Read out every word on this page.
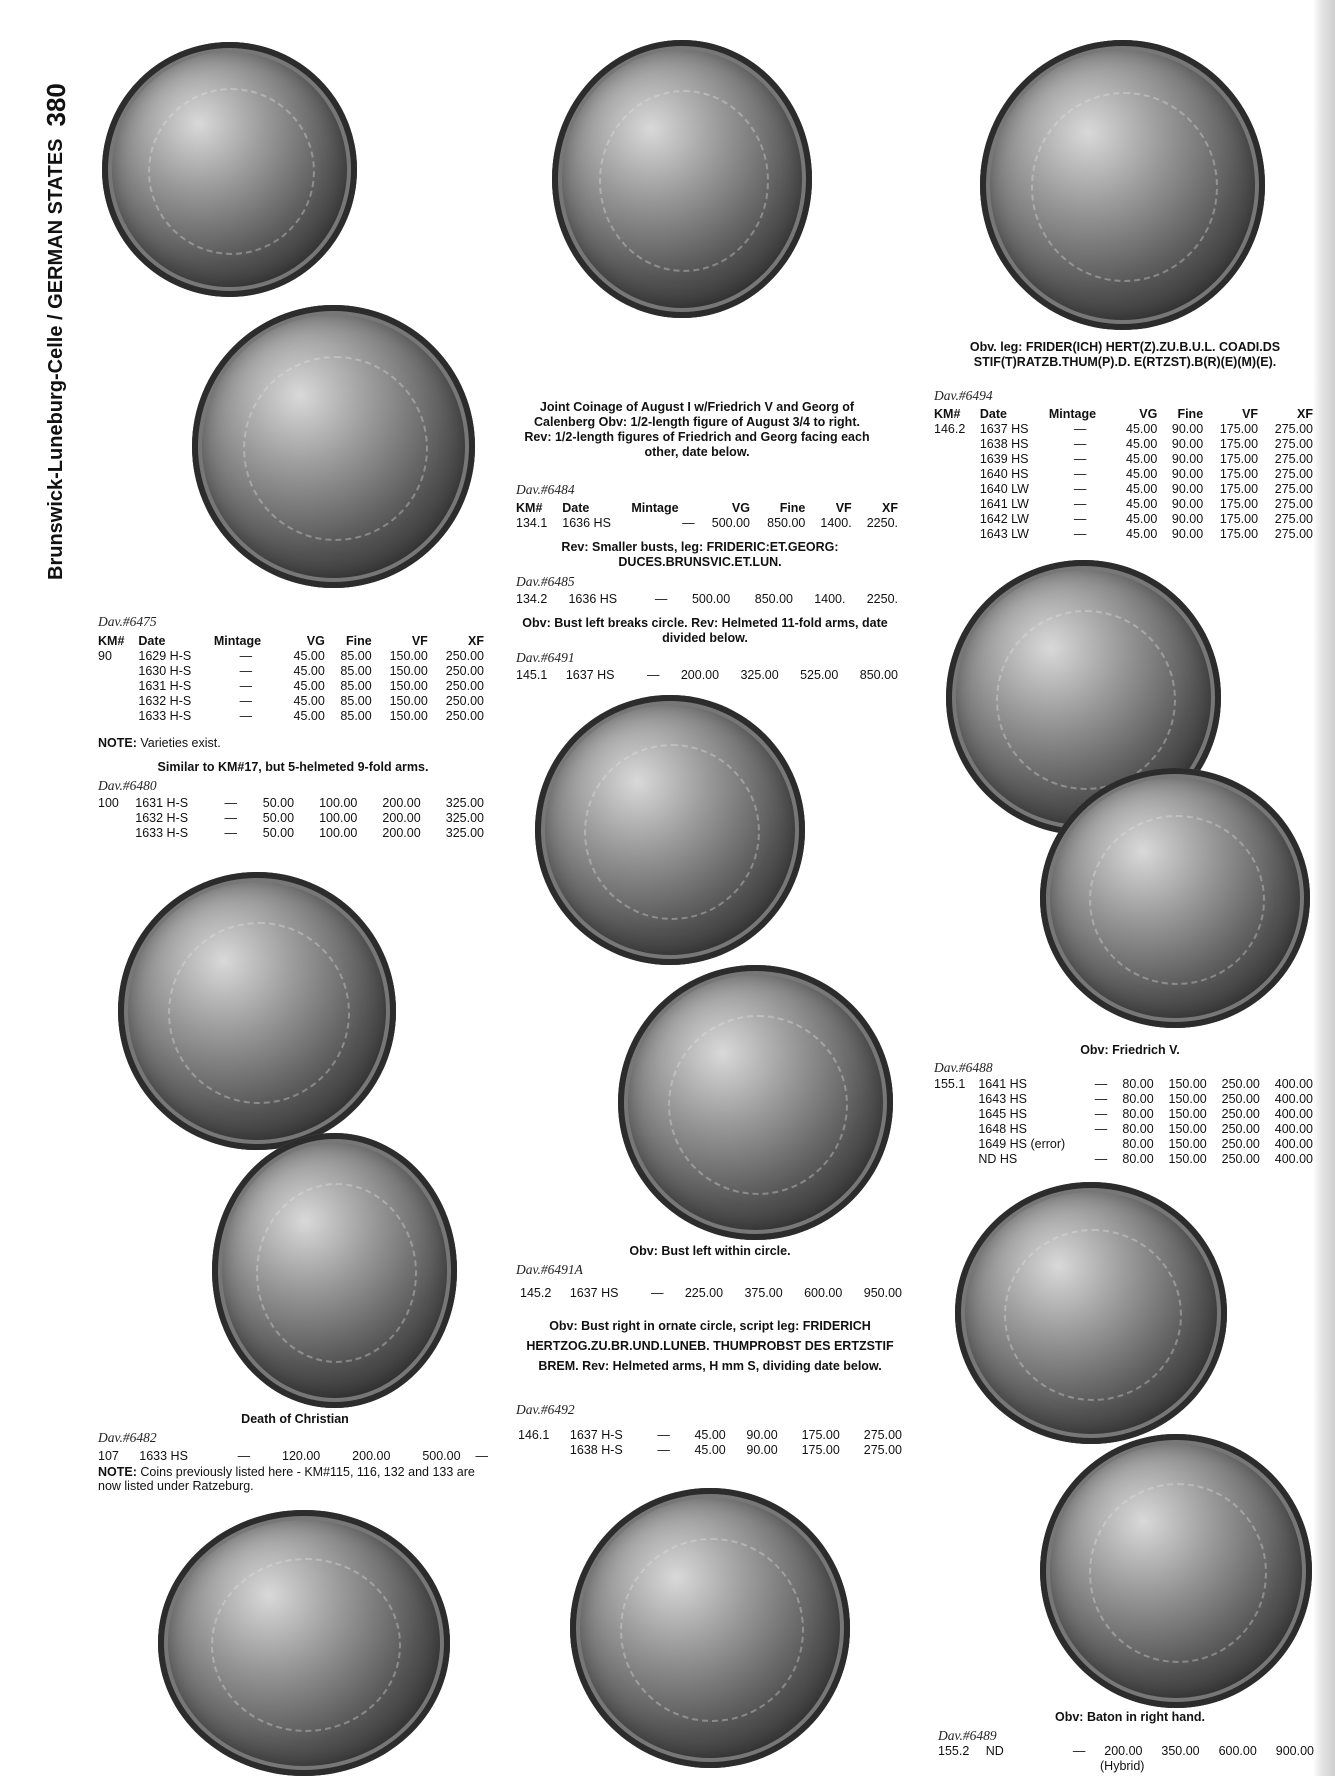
Brunswick-Luneburg-Celle / GERMAN STATES
380
Dav.#6475
KM#	Date	Mintage	VG	Fine	VF	XF
90	1629 H-S	—	45.00	85.00	150.00	250.00
	1630 H-S	—	45.00	85.00	150.00	250.00
	1631 H-S	—	45.00	85.00	150.00	250.00
	1632 H-S	—	45.00	85.00	150.00	250.00
	1633 H-S	—	45.00	85.00	150.00	250.00
NOTE: Varieties exist.
Similar to KM#17, but 5-helmeted 9-fold arms.
Dav.#6480
100	1631 H-S	—	50.00	100.00	200.00	325.00
	1632 H-S	—	50.00	100.00	200.00	325.00
	1633 H-S	—	50.00	100.00	200.00	325.00
Death of Christian
Dav.#6482
107	1633 HS	—	120.00	200.00	500.00	—
NOTE: Coins previously listed here - KM#115, 116, 132 and 133 are now listed under Ratzeburg.
Joint Coinage of August I w/Friedrich V and Georg of Calenberg Obv: 1/2-length figure of August 3/4 to right. Rev: 1/2-length figures of Friedrich and Georg facing each other, date below.
Dav.#6484
KM#	Date	Mintage	VG	Fine	VF	XF
134.1	1636 HS	—	500.00	850.00	1400.	2250.
Rev: Smaller busts, leg: FRIDERIC:ET.GEORG: DUCES.BRUNSVIC.ET.LUN.
Dav.#6485
134.2	1636 HS	—	500.00	850.00	1400.	2250.
Obv: Bust left breaks circle. Rev: Helmeted 11-fold arms, date divided below.
Dav.#6491
145.1	1637 HS	—	200.00	325.00	525.00	850.00
Obv: Bust left within circle.
Dav.#6491A
145.2	1637 HS	—	225.00	375.00	600.00	950.00
Obv: Bust right in ornate circle, script leg: FRIDERICH HERTZOG.ZU.BR.UND.LUNEB. THUMPROBST DES ERTZSTIF BREM. Rev: Helmeted arms, H mm S, dividing date below.
Dav.#6492
146.1	1637 H-S	—	45.00	90.00	175.00	275.00
	1638 H-S	—	45.00	90.00	175.00	275.00
Obv. leg: FRIDER(ICH) HERT(Z).ZU.B.U.L. COADI.DS STIF(T)RATZB.THUM(P).D. E(RTZST).B(R)(E)(M)(E).
Dav.#6494
KM#	Date	Mintage	VG	Fine	VF	XF
146.2	1637 HS	—	45.00	90.00	175.00	275.00
	1638 HS	—	45.00	90.00	175.00	275.00
	1639 HS	—	45.00	90.00	175.00	275.00
	1640 HS	—	45.00	90.00	175.00	275.00
	1640 LW	—	45.00	90.00	175.00	275.00
	1641 LW	—	45.00	90.00	175.00	275.00
	1642 LW	—	45.00	90.00	175.00	275.00
	1643 LW	—	45.00	90.00	175.00	275.00
Obv: Friedrich V.
Dav.#6488
155.1	1641 HS	—	80.00	150.00	250.00	400.00
	1643 HS	—	80.00	150.00	250.00	400.00
	1645 HS	—	80.00	150.00	250.00	400.00
	1648 HS	—	80.00	150.00	250.00	400.00
	1649 HS (error)		80.00	150.00	250.00	400.00
	ND HS	—	80.00	150.00	250.00	400.00
Obv: Baton in right hand.
Dav.#6489
155.2	ND	—	200.00	350.00	600.00	900.00
(Hybrid)
